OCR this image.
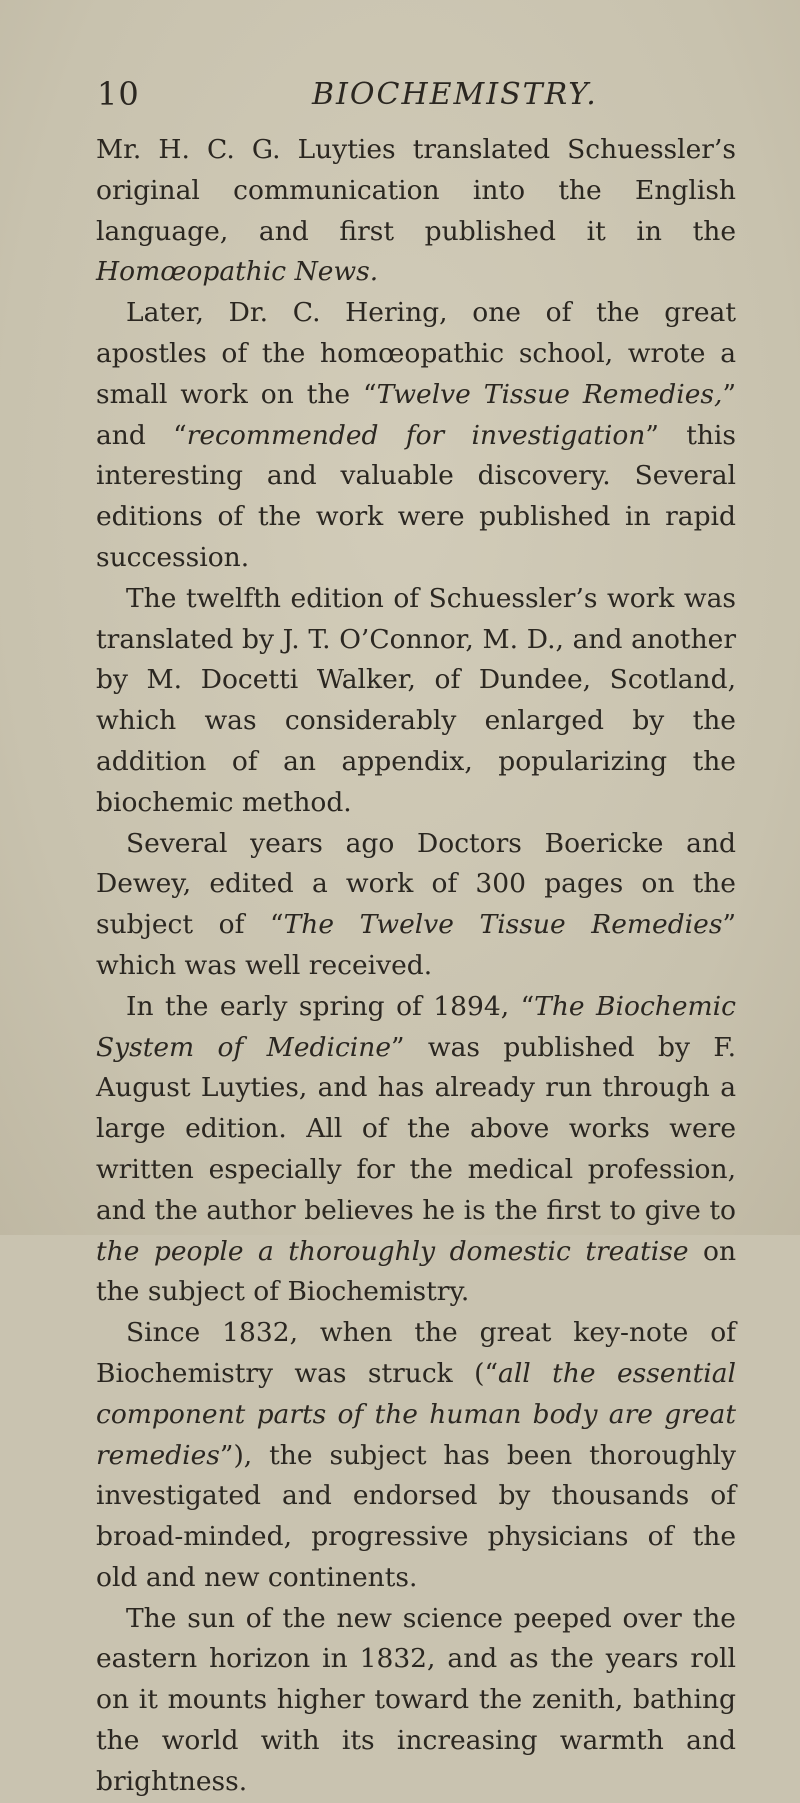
10	BIOCHEMISTRY.

Mr. H. C. G. Luyties translated Schuessler’s original communication into the English language, and first published it in the Homœopathic News.

Later, Dr. C. Hering, one of the great apostles of the homœopathic school, wrote a small work on the “Twelve Tissue Remedies,” and “recommended for investigation” this interesting and valuable discovery. Several editions of the work were published in rapid succession.

The twelfth edition of Schuessler’s work was translated by J. T. O’Connor, M. D., and another by M. Docetti Walker, of Dundee, Scotland, which was considerably enlarged by the addition of an appendix, popularizing the biochemic method.

Several years ago Doctors Boericke and Dewey, edited a work of 300 pages on the subject of “The Twelve Tissue Remedies” which was well received.

In the early spring of 1894, “The Biochemic System of Medicine” was published by F. August Luyties, and has already run through a large edition. All of the above works were written especially for the medical profession, and the author believes he is the first to give to the people a thoroughly domestic treatise on the subject of Biochemistry.

Since 1832, when the great key-note of Biochemistry was struck (“all the essential component parts of the human body are great remedies”), the subject has been thoroughly investigated and endorsed by thousands of broad-minded, progressive physicians of the old and new continents.

The sun of the new science peeped over the eastern horizon in 1832, and as the years roll on it mounts higher toward the zenith, bathing the world with its increasing warmth and brightness.
